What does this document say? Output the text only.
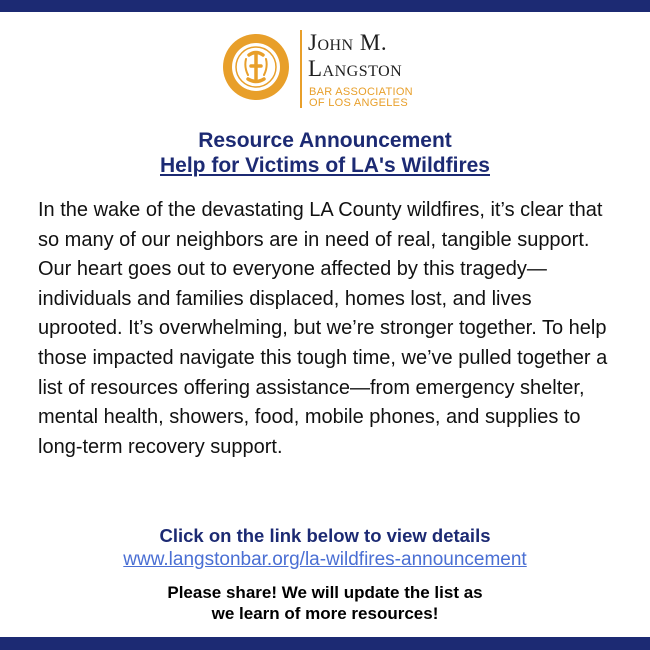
John M.
Langston
BAR ASSOCIATION
OF LOS ANGELES
Resource Announcement
Help for Victims of LA's Wildfires
In the wake of the devastating LA County wildfires, it’s clear that so many of our neighbors are in need of real, tangible support. Our heart goes out to everyone affected by this tragedy— individuals and families displaced, homes lost, and lives uprooted. It’s overwhelming, but we’re stronger together. To help those impacted navigate this tough time, we’ve pulled together a list of resources offering assistance—from emergency shelter, mental health, showers, food, mobile phones, and supplies to long-term recovery support.
Click on the link below to view details
www.langstonbar.org/la-wildfires-announcement
Please share! We will update the list as
we learn of more resources!
